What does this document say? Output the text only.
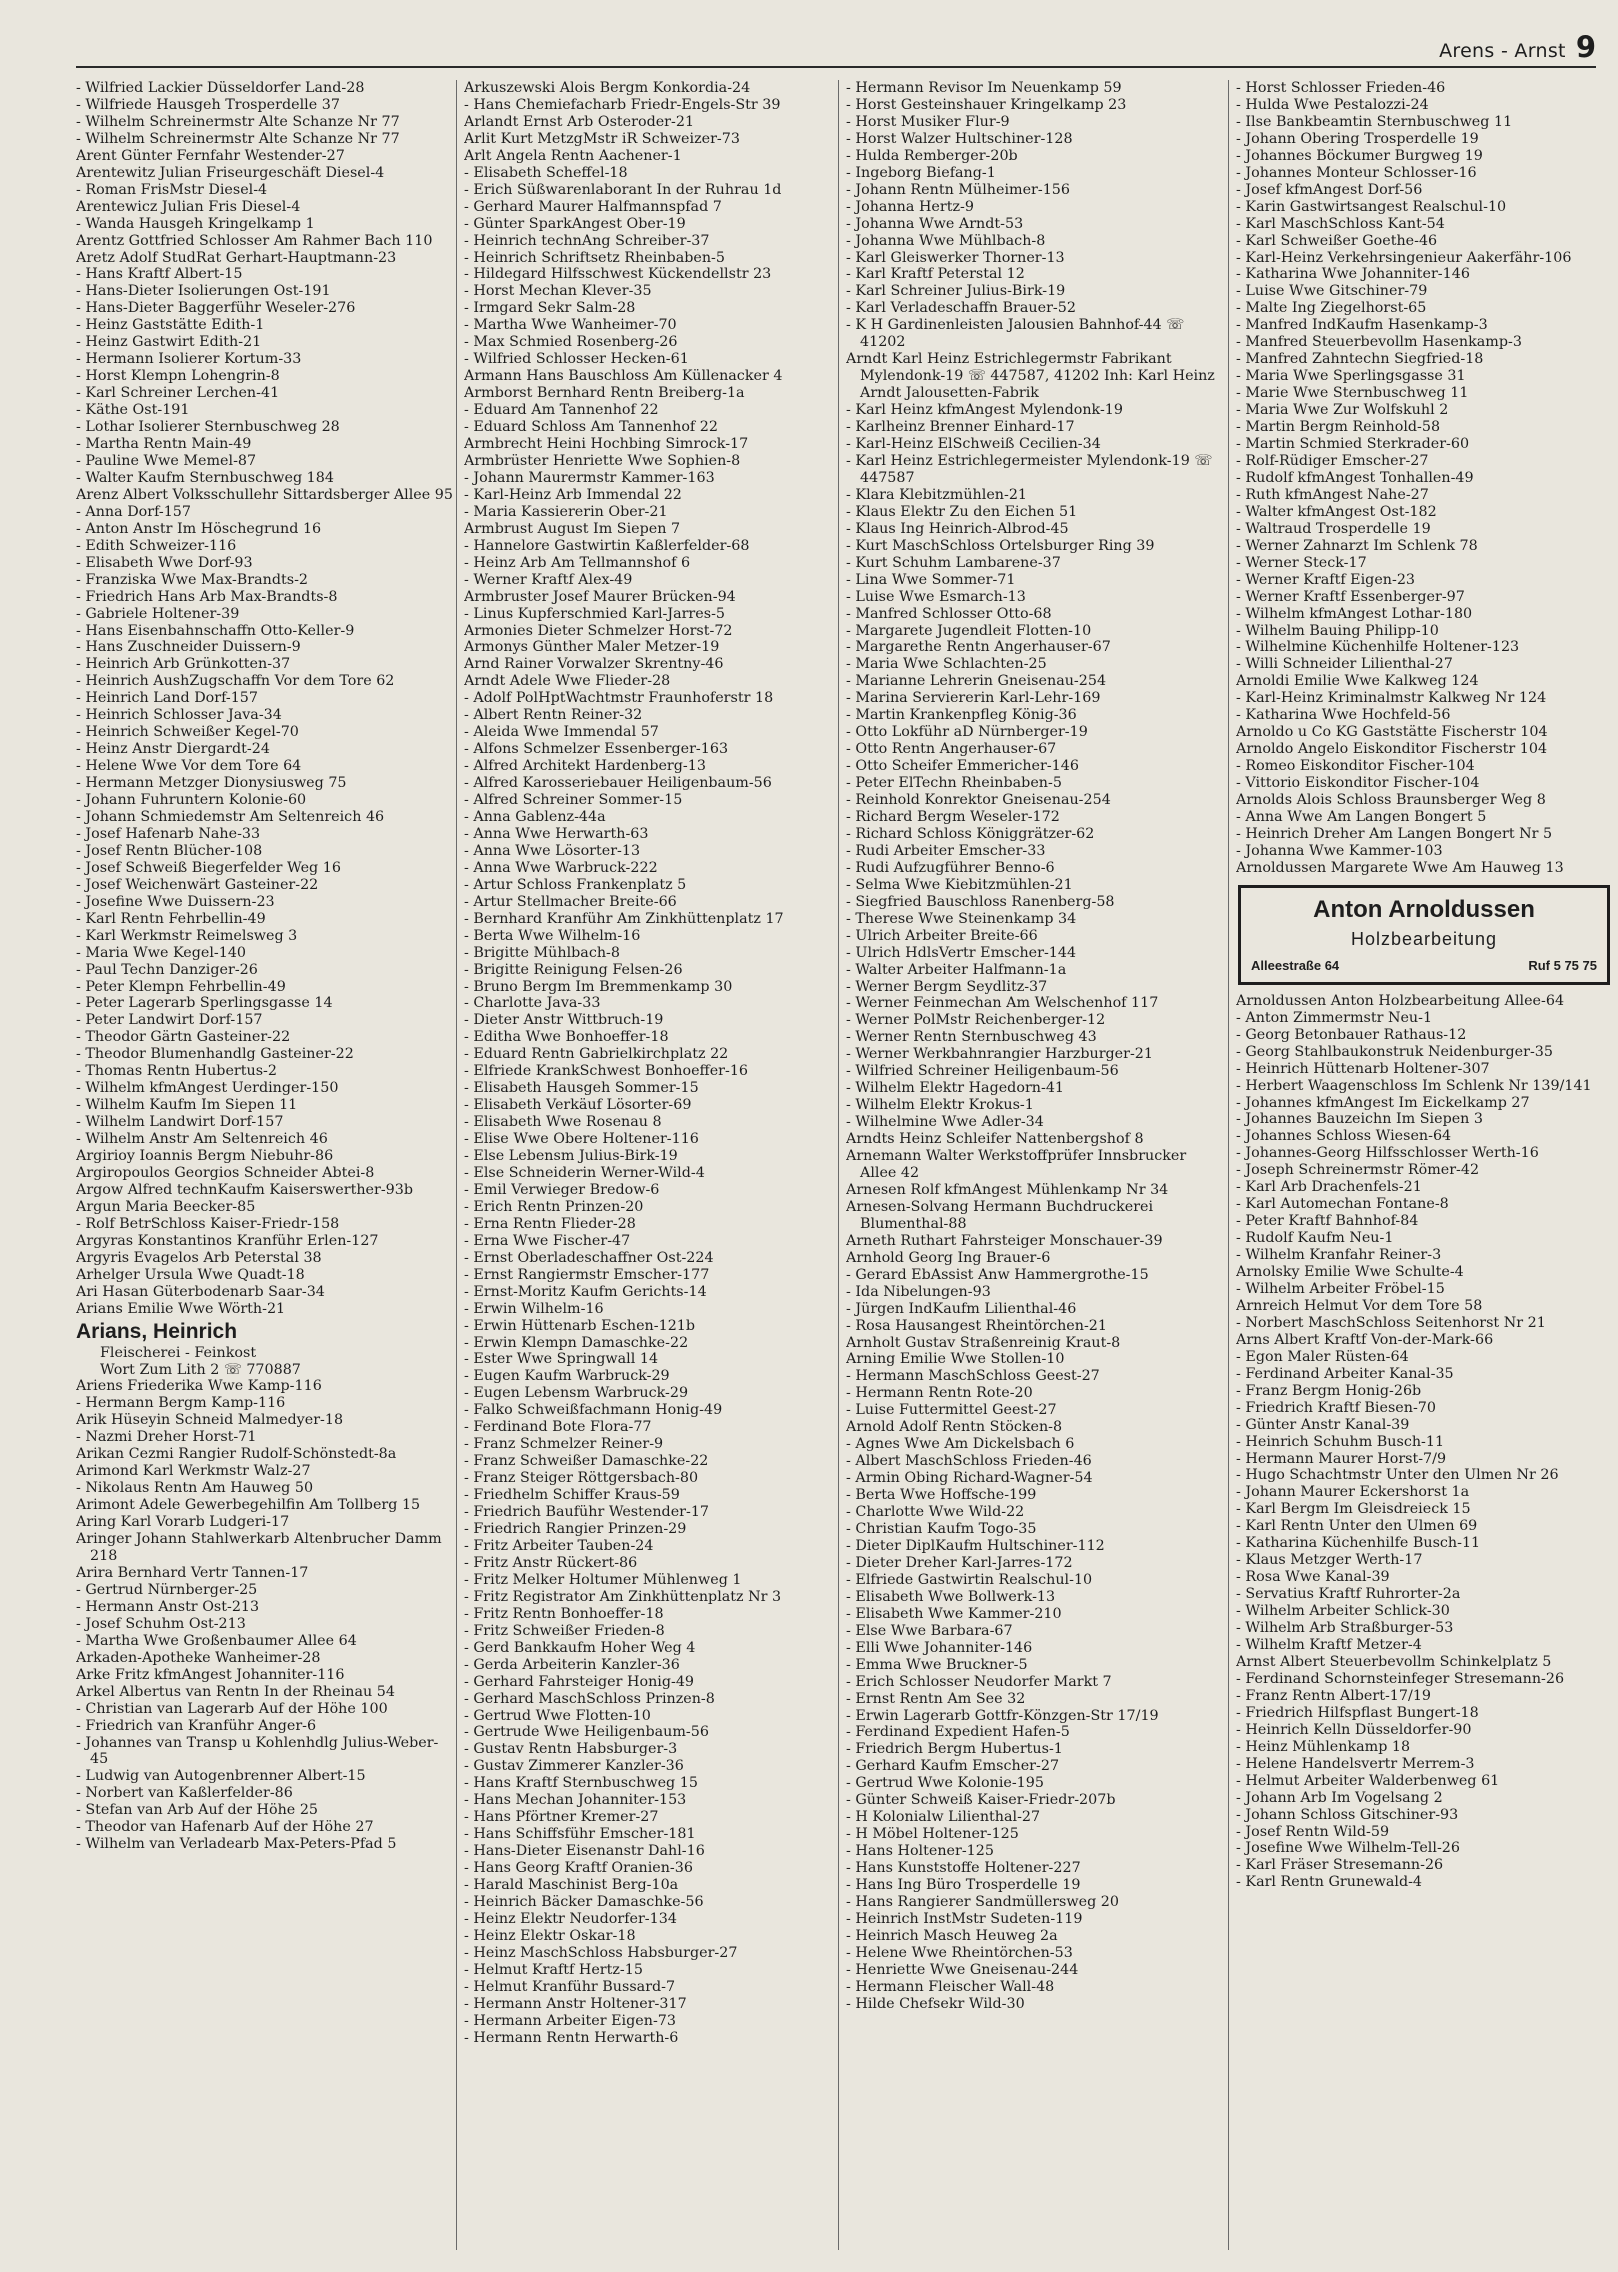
Arens - Arnst 9
- Wilfried Lackier Düsseldorfer Land-28
- Wilfriede Hausgeh Trosperdelle 37
- Wilhelm Schreinermstr Alte Schanze Nr 77
- Wilhelm Schreinermstr Alte Schanze Nr 77
Arent Günter Fernfahr Westender-27
Arentewitz Julian Friseurgeschäft Diesel-4
- Roman FrisMstr Diesel-4
Arentewicz Julian Fris Diesel-4
- Wanda Hausgeh Kringelkamp 1
Arentz Gottfried Schlosser Am Rahmer Bach 110
Aretz Adolf StudRat Gerhart-Hauptmann-23
- Hans Kraftf Albert-15
- Hans-Dieter Isolierungen Ost-191
- Hans-Dieter Baggerführ Weseler-276
- Heinz Gaststätte Edith-1
- Heinz Gastwirt Edith-21
- Hermann Isolierer Kortum-33
- Horst Klempn Lohengrin-8
- Karl Schreiner Lerchen-41
- Käthe Ost-191
- Lothar Isolierer Sternbuschweg 28
- Martha Rentn Main-49
- Pauline Wwe Memel-87
- Walter Kaufm Sternbuschweg 184
Arenz Albert Volksschullehr Sittardsberger Allee 95
- Anna Dorf-157
- Anton Anstr Im Höschegrund 16
- Edith Schweizer-116
- Elisabeth Wwe Dorf-93
- Franziska Wwe Max-Brandts-2
- Friedrich Hans Arb Max-Brandts-8
- Gabriele Holtener-39
- Hans Eisenbahnschaffn Otto-Keller-9
- Hans Zuschneider Duissern-9
- Heinrich Arb Grünkotten-37
- Heinrich AushZugschaffn Vor dem Tore 62
- Heinrich Land Dorf-157
- Heinrich Schlosser Java-34
- Heinrich Schweißer Kegel-70
- Heinz Anstr Diergardt-24
- Helene Wwe Vor dem Tore 64
- Hermann Metzger Dionysiusweg 75
- Johann Fuhruntern Kolonie-60
- Johann Schmiedemstr Am Seltenreich 46
- Josef Hafenarb Nahe-33
- Josef Rentn Blücher-108
- Josef Schweiß Biegerfelder Weg 16
- Josef Weichenwärt Gasteiner-22
- Josefine Wwe Duissern-23
- Karl Rentn Fehrbellin-49
- Karl Werkmstr Reimelsweg 3
- Maria Wwe Kegel-140
- Paul Techn Danziger-26
- Peter Klempn Fehrbellin-49
- Peter Lagerarb Sperlingsgasse 14
- Peter Landwirt Dorf-157
- Theodor Gärtn Gasteiner-22
- Theodor Blumenhandlg Gasteiner-22
- Thomas Rentn Hubertus-2
- Wilhelm kfmAngest Uerdinger-150
- Wilhelm Kaufm Im Siepen 11
- Wilhelm Landwirt Dorf-157
- Wilhelm Anstr Am Seltenreich 46
Argirioy Ioannis Bergm Niebuhr-86
Argiropoulos Georgios Schneider Abtei-8
Argow Alfred technKaufm Kaiserswerther-93b
Argun Maria Beecker-85
- Rolf BetrSchloss Kaiser-Friedr-158
Argyras Konstantinos Kranführ Erlen-127
Argyris Evagelos Arb Peterstal 38
Arhelger Ursula Wwe Quadt-18
Ari Hasan Güterbodenarb Saar-34
Arians Emilie Wwe Wörth-21
Arians, Heinrich
Fleischerei - Feinkost
Wort Zum Lith 2 ☏ 770887
Ariens Friederika Wwe Kamp-116
- Hermann Bergm Kamp-116
Arik Hüseyin Schneid Malmedyer-18
- Nazmi Dreher Horst-71
Arikan Cezmi Rangier Rudolf-Schönstedt-8a
Arimond Karl Werkmstr Walz-27
- Nikolaus Rentn Am Hauweg 50
Arimont Adele Gewerbegehilfin Am Tollberg 15
Aring Karl Vorarb Ludgeri-17
Aringer Johann Stahlwerkarb Altenbrucher Damm 218
Arira Bernhard Vertr Tannen-17
- Gertrud Nürnberger-25
- Hermann Anstr Ost-213
- Josef Schuhm Ost-213
- Martha Wwe Großenbaumer Allee 64
Arkaden-Apotheke Wanheimer-28
Arke Fritz kfmAngest Johanniter-116
Arkel Albertus van Rentn In der Rheinau 54
- Christian van Lagerarb Auf der Höhe 100
- Friedrich van Kranführ Anger-6
- Johannes van Transp u Kohlenhdlg Julius-Weber-45
- Ludwig van Autogenbrenner Albert-15
- Norbert van Kaßlerfelder-86
- Stefan van Arb Auf der Höhe 25
- Theodor van Hafenarb Auf der Höhe 27
- Wilhelm van Verladearb Max-Peters-Pfad 5
Arkuszewski Alois Bergm Konkordia-24
- Hans Chemiefacharb Friedr-Engels-Str 39
Arlandt Ernst Arb Osteroder-21
Arlit Kurt MetzgMstr iR Schweizer-73
Arlt Angela Rentn Aachener-1
- Elisabeth Scheffel-18
- Erich Süßwarenlaborant In der Ruhrau 1d
- Gerhard Maurer Halfmannspfad 7
- Günter SparkAngest Ober-19
- Heinrich technAng Schreiber-37
- Heinrich Schriftsetz Rheinbaben-5
- Hildegard Hilfsschwest Kückendellstr 23
- Horst Mechan Klever-35
- Irmgard Sekr Salm-28
- Martha Wwe Wanheimer-70
- Max Schmied Rosenberg-26
- Wilfried Schlosser Hecken-61
Armann Hans Bauschloss Am Küllenacker 4
Armborst Bernhard Rentn Breiberg-1a
- Eduard Am Tannenhof 22
- Eduard Schloss Am Tannenhof 22
Armbrecht Heini Hochbing Simrock-17
Armbrüster Henriette Wwe Sophien-8
- Johann Maurermstr Kammer-163
- Karl-Heinz Arb Immendal 22
- Maria Kassiererin Ober-21
Armbrust August Im Siepen 7
- Hannelore Gastwirtin Kaßlerfelder-68
- Heinz Arb Am Tellmannshof 6
- Werner Kraftf Alex-49
Armbruster Josef Maurer Brücken-94
- Linus Kupferschmied Karl-Jarres-5
Armonies Dieter Schmelzer Horst-72
Armonys Günther Maler Metzer-19
Arnd Rainer Vorwalzer Skrentny-46
Arndt Adele Wwe Flieder-28
- Adolf PolHptWachtmstr Fraunhoferstr 18
- Albert Rentn Reiner-32
- Aleida Wwe Immendal 57
- Alfons Schmelzer Essenberger-163
- Alfred Architekt Hardenberg-13
- Alfred Karosseriebauer Heiligenbaum-56
- Alfred Schreiner Sommer-15
- Anna Gablenz-44a
- Anna Wwe Herwarth-63
- Anna Wwe Lösorter-13
- Anna Wwe Warbruck-222
- Artur Schloss Frankenplatz 5
- Artur Stellmacher Breite-66
- Bernhard Kranführ Am Zinkhüttenplatz 17
- Berta Wwe Wilhelm-16
- Brigitte Mühlbach-8
- Brigitte Reinigung Felsen-26
- Bruno Bergm Im Bremmenkamp 30
- Charlotte Java-33
- Dieter Anstr Wittbruch-19
- Editha Wwe Bonhoeffer-18
- Eduard Rentn Gabrielkirchplatz 22
- Elfriede KrankSchwest Bonhoeffer-16
- Elisabeth Hausgeh Sommer-15
- Elisabeth Verkäuf Lösorter-69
- Elisabeth Wwe Rosenau 8
- Elise Wwe Obere Holtener-116
- Else Lebensm Julius-Birk-19
- Else Schneiderin Werner-Wild-4
- Emil Verwieger Bredow-6
- Erich Rentn Prinzen-20
- Erna Rentn Flieder-28
- Erna Wwe Fischer-47
- Ernst Oberladeschaffner Ost-224
- Ernst Rangiermstr Emscher-177
- Ernst-Moritz Kaufm Gerichts-14
- Erwin Wilhelm-16
- Erwin Hüttenarb Eschen-121b
- Erwin Klempn Damaschke-22
- Ester Wwe Springwall 14
- Eugen Kaufm Warbruck-29
- Eugen Lebensm Warbruck-29
- Falko Schweißfachmann Honig-49
- Ferdinand Bote Flora-77
- Franz Schmelzer Reiner-9
- Franz Schweißer Damaschke-22
- Franz Steiger Röttgersbach-80
- Friedhelm Schiffer Kraus-59
- Friedrich Bauführ Westender-17
- Friedrich Rangier Prinzen-29
- Fritz Arbeiter Tauben-24
- Fritz Anstr Rückert-86
- Fritz Melker Holtumer Mühlenweg 1
- Fritz Registrator Am Zinkhüttenplatz Nr 3
- Fritz Rentn Bonhoeffer-18
- Fritz Schweißer Frieden-8
- Gerd Bankkaufm Hoher Weg 4
- Gerda Arbeiterin Kanzler-36
- Gerhard Fahrsteiger Honig-49
- Gerhard MaschSchloss Prinzen-8
- Gertrud Wwe Flotten-10
- Gertrude Wwe Heiligenbaum-56
- Gustav Rentn Habsburger-3
- Gustav Zimmerer Kanzler-36
- Hans Kraftf Sternbuschweg 15
- Hans Mechan Johanniter-153
- Hans Pförtner Kremer-27
- Hans Schiffsführ Emscher-181
- Hans-Dieter Eisenanstr Dahl-16
- Hans Georg Kraftf Oranien-36
- Harald Maschinist Berg-10a
- Heinrich Bäcker Damaschke-56
- Heinz Elektr Neudorfer-134
- Heinz Elektr Oskar-18
- Heinz MaschSchloss Habsburger-27
- Helmut Kraftf Hertz-15
- Helmut Kranführ Bussard-7
- Hermann Anstr Holtener-317
- Hermann Arbeiter Eigen-73
- Hermann Rentn Herwarth-6
- Hermann Revisor Im Neuenkamp 59
- Horst Gesteinshauer Kringelkamp 23
- Horst Musiker Flur-9
- Horst Walzer Hultschiner-128
- Hulda Remberger-20b
- Ingeborg Biefang-1
- Johann Rentn Mülheimer-156
- Johanna Hertz-9
- Johanna Wwe Arndt-53
- Johanna Wwe Mühlbach-8
- Karl Gleiswerker Thorner-13
- Karl Kraftf Peterstal 12
- Karl Schreiner Julius-Birk-19
- Karl Verladeschaffn Brauer-52
- K H Gardinenleisten Jalousien Bahnhof-44 ☏ 41202
Arndt Karl Heinz Estrichlegermstr Fabrikant Mylendonk-19 ☏ 447587, 41202 Inh: Karl Heinz Arndt Jalousetten-Fabrik
- Karl Heinz kfmAngest Mylendonk-19
- Karlheinz Brenner Einhard-17
- Karl-Heinz ElSchweiß Cecilien-34
- Karl Heinz Estrichlegermeister Mylendonk-19 ☏ 447587
- Klara Klebitzmühlen-21
- Klaus Elektr Zu den Eichen 51
- Klaus Ing Heinrich-Albrod-45
- Kurt MaschSchloss Ortelsburger Ring 39
- Kurt Schuhm Lambarene-37
- Lina Wwe Sommer-71
- Luise Wwe Esmarch-13
- Manfred Schlosser Otto-68
- Margarete Jugendleit Flotten-10
- Margarethe Rentn Angerhauser-67
- Maria Wwe Schlachten-25
- Marianne Lehrerin Gneisenau-254
- Marina Serviererin Karl-Lehr-169
- Martin Krankenpfleg König-36
- Otto Lokführ aD Nürnberger-19
- Otto Rentn Angerhauser-67
- Otto Scheifer Emmericher-146
- Peter ElTechn Rheinbaben-5
- Reinhold Konrektor Gneisenau-254
- Richard Bergm Weseler-172
- Richard Schloss Königgrätzer-62
- Rudi Arbeiter Emscher-33
- Rudi Aufzugführer Benno-6
- Selma Wwe Kiebitzmühlen-21
- Siegfried Bauschloss Ranenberg-58
- Therese Wwe Steinenkamp 34
- Ulrich Arbeiter Breite-66
- Ulrich HdlsVertr Emscher-144
- Walter Arbeiter Halfmann-1a
- Werner Bergm Seydlitz-37
- Werner Feinmechan Am Welschenhof 117
- Werner PolMstr Reichenberger-12
- Werner Rentn Sternbuschweg 43
- Werner Werkbahnrangier Harzburger-21
- Wilfried Schreiner Heiligenbaum-56
- Wilhelm Elektr Hagedorn-41
- Wilhelm Elektr Krokus-1
- Wilhelmine Wwe Adler-34
Arndts Heinz Schleifer Nattenbergshof 8
Arnemann Walter Werkstoffprüfer Innsbrucker Allee 42
Arnesen Rolf kfmAngest Mühlenkamp Nr 34
Arnesen-Solvang Hermann Buchdruckerei Blumenthal-88
Arneth Ruthart Fahrsteiger Monschauer-39
Arnhold Georg Ing Brauer-6
- Gerard EbAssist Anw Hammergrothe-15
- Ida Nibelungen-93
- Jürgen IndKaufm Lilienthal-46
- Rosa Hausangest Rheintörchen-21
Arnholt Gustav Straßenreinig Kraut-8
Arning Emilie Wwe Stollen-10
- Hermann MaschSchloss Geest-27
- Hermann Rentn Rote-20
- Luise Futtermittel Geest-27
Arnold Adolf Rentn Stöcken-8
- Agnes Wwe Am Dickelsbach 6
- Albert MaschSchloss Frieden-46
- Armin Obing Richard-Wagner-54
- Berta Wwe Hoffsche-199
- Charlotte Wwe Wild-22
- Christian Kaufm Togo-35
- Dieter DiplKaufm Hultschiner-112
- Dieter Dreher Karl-Jarres-172
- Elfriede Gastwirtin Realschul-10
- Elisabeth Wwe Bollwerk-13
- Elisabeth Wwe Kammer-210
- Else Wwe Barbara-67
- Elli Wwe Johanniter-146
- Emma Wwe Bruckner-5
- Erich Schlosser Neudorfer Markt 7
- Ernst Rentn Am See 32
- Erwin Lagerarb Gottfr-Könzgen-Str 17/19
- Ferdinand Expedient Hafen-5
- Friedrich Bergm Hubertus-1
- Gerhard Kaufm Emscher-27
- Gertrud Wwe Kolonie-195
- Günter Schweiß Kaiser-Friedr-207b
- H Kolonialw Lilienthal-27
- H Möbel Holtener-125
- Hans Holtener-125
- Hans Kunststoffe Holtener-227
- Hans Ing Büro Trosperdelle 19
- Hans Rangierer Sandmüllersweg 20
- Heinrich InstMstr Sudeten-119
- Heinrich Masch Heuweg 2a
- Helene Wwe Rheintörchen-53
- Henriette Wwe Gneisenau-244
- Hermann Fleischer Wall-48
- Hilde Chefsekr Wild-30
- Horst Schlosser Frieden-46
- Hulda Wwe Pestalozzi-24
- Ilse Bankbeamtin Sternbuschweg 11
- Johann Obering Trosperdelle 19
- Johannes Böckumer Burgweg 19
- Johannes Monteur Schlosser-16
- Josef kfmAngest Dorf-56
- Karin Gastwirtsangest Realschul-10
- Karl MaschSchloss Kant-54
- Karl Schweißer Goethe-46
- Karl-Heinz Verkehrsingenieur Aakerfähr-106
- Katharina Wwe Johanniter-146
- Luise Wwe Gitschiner-79
- Malte Ing Ziegelhorst-65
- Manfred IndKaufm Hasenkamp-3
- Manfred Steuerbevollm Hasenkamp-3
- Manfred Zahntechn Siegfried-18
- Maria Wwe Sperlingsgasse 31
- Marie Wwe Sternbuschweg 11
- Maria Wwe Zur Wolfskuhl 2
- Martin Bergm Reinhold-58
- Martin Schmied Sterkrader-60
- Rolf-Rüdiger Emscher-27
- Rudolf kfmAngest Tonhallen-49
- Ruth kfmAngest Nahe-27
- Walter kfmAngest Ost-182
- Waltraud Trosperdelle 19
- Werner Zahnarzt Im Schlenk 78
- Werner Steck-17
- Werner Kraftf Eigen-23
- Werner Kraftf Essenberger-97
- Wilhelm kfmAngest Lothar-180
- Wilhelm Bauing Philipp-10
- Wilhelmine Küchenhilfe Holtener-123
- Willi Schneider Lilienthal-27
Arnoldi Emilie Wwe Kalkweg 124
- Karl-Heinz Kriminalmstr Kalkweg Nr 124
- Katharina Wwe Hochfeld-56
Arnoldo u Co KG Gaststätte Fischerstr 104
Arnoldo Angelo Eiskonditor Fischerstr 104
- Romeo Eiskonditor Fischer-104
- Vittorio Eiskonditor Fischer-104
Arnolds Alois Schloss Braunsberger Weg 8
- Anna Wwe Am Langen Bongert 5
- Heinrich Dreher Am Langen Bongert Nr 5
- Johanna Wwe Kammer-103
Arnoldussen Margarete Wwe Am Hauweg 13
Anton Arnoldussen
Holzbearbeitung
Alleestraße 64	Ruf 5 75 75
Arnoldussen Anton Holzbearbeitung Allee-64
- Anton Zimmermstr Neu-1
- Georg Betonbauer Rathaus-12
- Georg Stahlbaukonstruk Neidenburger-35
- Heinrich Hüttenarb Holtener-307
- Herbert Waagenschloss Im Schlenk Nr 139/141
- Johannes kfmAngest Im Eickelkamp 27
- Johannes Bauzeichn Im Siepen 3
- Johannes Schloss Wiesen-64
- Johannes-Georg Hilfsschlosser Werth-16
- Joseph Schreinermstr Römer-42
- Karl Arb Drachenfels-21
- Karl Automechan Fontane-8
- Peter Kraftf Bahnhof-84
- Rudolf Kaufm Neu-1
- Wilhelm Kranfahr Reiner-3
Arnolsky Emilie Wwe Schulte-4
- Wilhelm Arbeiter Fröbel-15
Arnreich Helmut Vor dem Tore 58
- Norbert MaschSchloss Seitenhorst Nr 21
Arns Albert Kraftf Von-der-Mark-66
- Egon Maler Rüsten-64
- Ferdinand Arbeiter Kanal-35
- Franz Bergm Honig-26b
- Friedrich Kraftf Biesen-70
- Günter Anstr Kanal-39
- Heinrich Schuhm Busch-11
- Hermann Maurer Horst-7/9
- Hugo Schachtmstr Unter den Ulmen Nr 26
- Johann Maurer Eckershorst 1a
- Karl Bergm Im Gleisdreieck 15
- Karl Rentn Unter den Ulmen 69
- Katharina Küchenhilfe Busch-11
- Klaus Metzger Werth-17
- Rosa Wwe Kanal-39
- Servatius Kraftf Ruhrorter-2a
- Wilhelm Arbeiter Schlick-30
- Wilhelm Arb Straßburger-53
- Wilhelm Kraftf Metzer-4
Arnst Albert Steuerbevollm Schinkelplatz 5
- Ferdinand Schornsteinfeger Stresemann-26
- Franz Rentn Albert-17/19
- Friedrich Hilfspflast Bungert-18
- Heinrich Kelln Düsseldorfer-90
- Heinz Mühlenkamp 18
- Helene Handelsvertr Merrem-3
- Helmut Arbeiter Walderbenweg 61
- Johann Arb Im Vogelsang 2
- Johann Schloss Gitschiner-93
- Josef Rentn Wild-59
- Josefine Wwe Wilhelm-Tell-26
- Karl Fräser Stresemann-26
- Karl Rentn Grunewald-4
